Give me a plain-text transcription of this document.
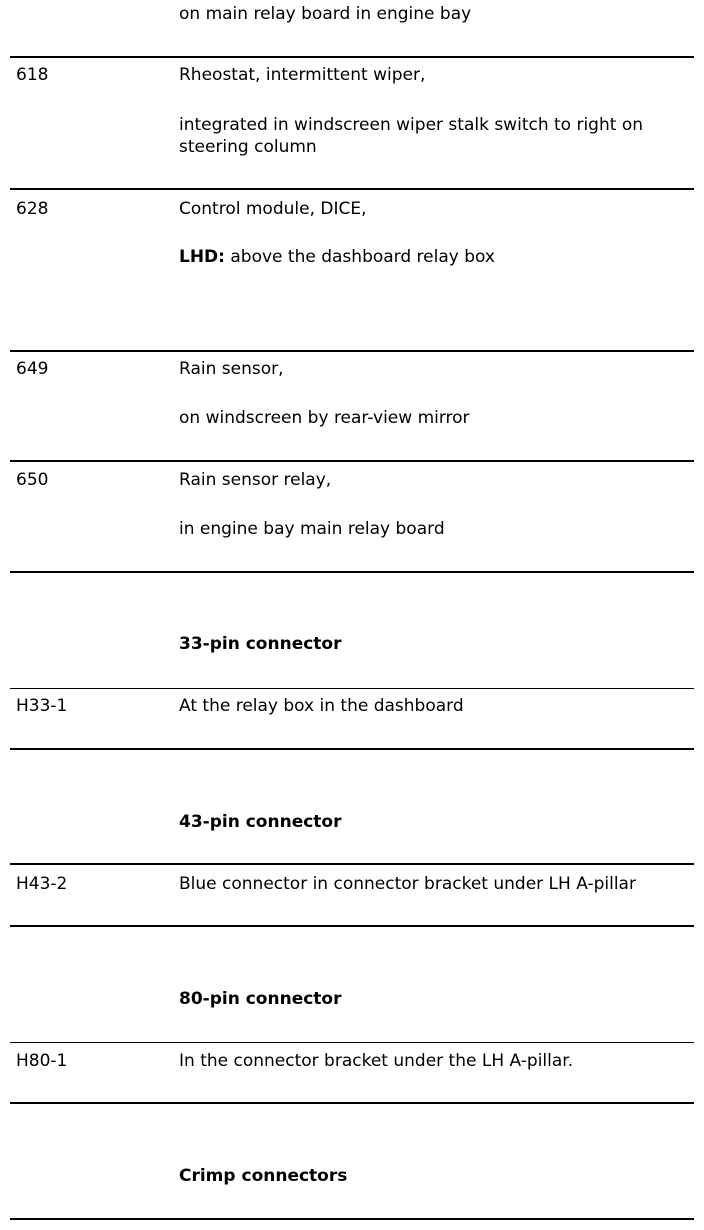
on main relay board in engine bay
618	Rheostat, intermittent wiper,
integrated in windscreen wiper stalk switch to right on
steering column
628	Control module, DICE,
LHD: above the dashboard relay box
649	Rain sensor,
on windscreen by rear-view mirror
650	Rain sensor relay,
in engine bay main relay board
33-pin connector
H33-1	At the relay box in the dashboard
43-pin connector
H43-2	Blue connector in connector bracket under LH A-pillar
80-pin connector
H80-1	In the connector bracket under the LH A-pillar.
Crimp connectors
